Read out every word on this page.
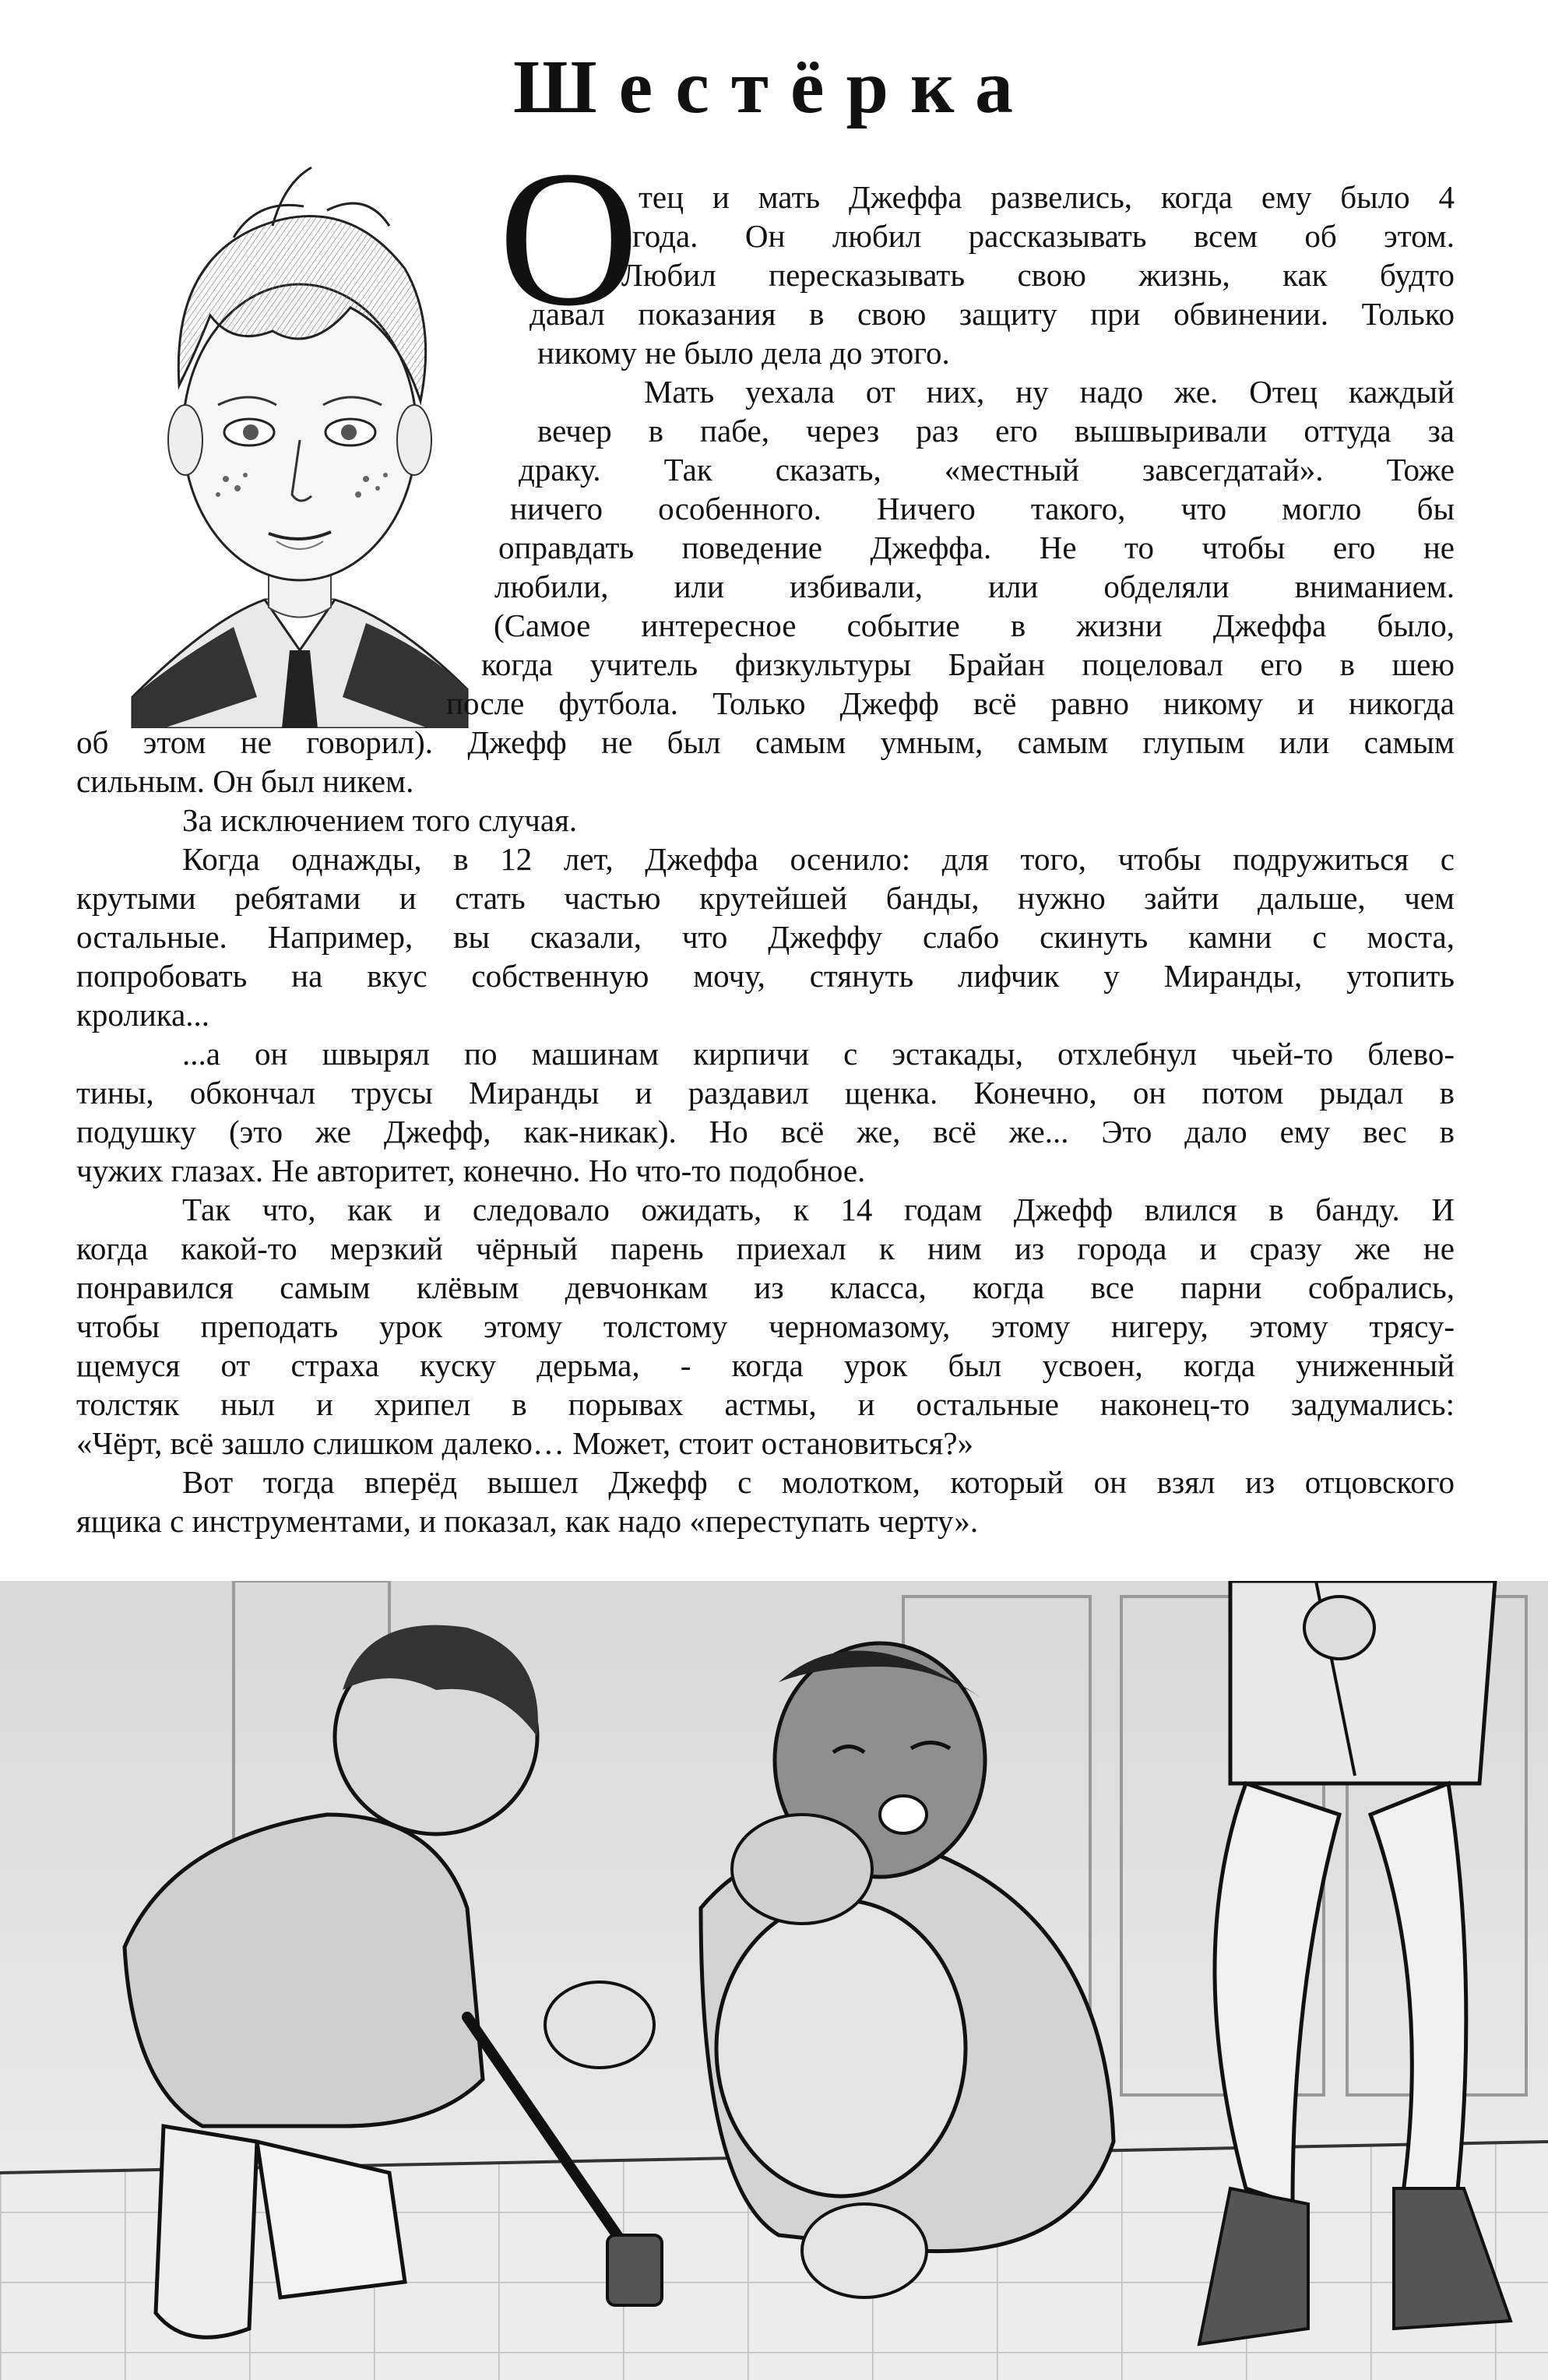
Шестёрка
О тец и мать Джеффа развелись, когда ему было 4
года. Он любил рассказывать всем об этом.
Любил пересказывать свою жизнь, как будто
давал показания в свою защиту при обвинении. Только
никому не было дела до этого.
Мать уехала от них, ну надо же. Отец каждый
вечер в пабе, через раз его вышвыривали оттуда за
драку. Так сказать, «местный завсегдатай». Тоже
ничего особенного. Ничего такого, что могло бы
оправдать поведение Джеффа. Не то чтобы его не
любили, или избивали, или обделяли вниманием.
(Самое интересное событие в жизни Джеффа было,
когда учитель физкультуры Брайан поцеловал его в шею
после футбола. Только Джефф всё равно никому и никогда
об этом не говорил). Джефф не был самым умным, самым глупым или самым
сильным. Он был никем.
За исключением того случая.
Когда однажды, в 12 лет, Джеффа осенило: для того, чтобы подружиться с
крутыми ребятами и стать частью крутейшей банды, нужно зайти дальше, чем
остальные. Например, вы сказали, что Джеффу слабо скинуть камни с моста,
попробовать на вкус собственную мочу, стянуть лифчик у Миранды, утопить
кролика...
...а он швырял по машинам кирпичи с эстакады, отхлебнул чьей-то блево-
тины, обкончал трусы Миранды и раздавил щенка. Конечно, он потом рыдал в
подушку (это же Джефф, как-никак). Но всё же, всё же... Это дало ему вес в
чужих глазах. Не авторитет, конечно. Но что-то подобное.
Так что, как и следовало ожидать, к 14 годам Джефф влился в банду. И
когда какой-то мерзкий чёрный парень приехал к ним из города и сразу же не
понравился самым клёвым девчонкам из класса, когда все парни собрались,
чтобы преподать урок этому толстому черномазому, этому нигеру, этому трясу-
щемуся от страха куску дерьма, - когда урок был усвоен, когда униженный
толстяк ныл и хрипел в порывах астмы, и остальные наконец-то задумались:
«Чёрт, всё зашло слишком далеко… Может, стоит остановиться?»
Вот тогда вперёд вышел Джефф с молотком, который он взял из отцовского
ящика с инструментами, и показал, как надо «переступать черту».
